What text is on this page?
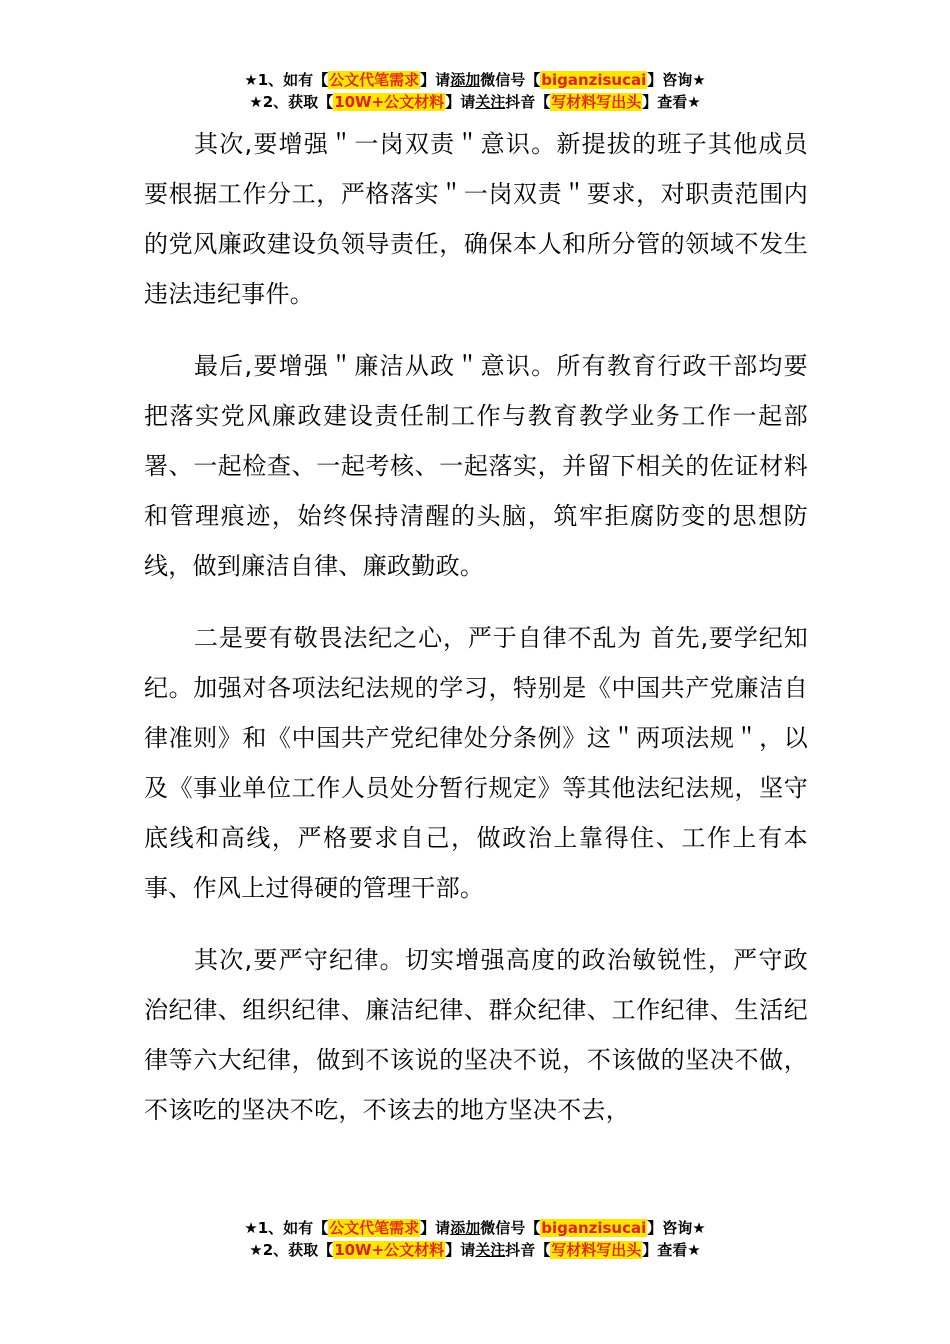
★1、如有【公文代笔需求】请添加微信号【biganzisucai】咨询★
★2、获取【10W+公文材料】请关注抖音【写材料写出头】查看★

其次,要增强＂一岗双责＂意识。新提拔的班子其他成员要根据工作分工，严格落实＂一岗双责＂要求，对职责范围内的党风廉政建设负领导责任，确保本人和所分管的领域不发生违法违纪事件。

最后,要增强＂廉洁从政＂意识。所有教育行政干部均要把落实党风廉政建设责任制工作与教育教学业务工作一起部署、一起检查、一起考核、一起落实，并留下相关的佐证材料和管理痕迹，始终保持清醒的头脑，筑牢拒腐防变的思想防线，做到廉洁自律、廉政勤政。

二是要有敬畏法纪之心，严于自律不乱为 首先,要学纪知纪。加强对各项法纪法规的学习，特别是《中国共产党廉洁自律准则》和《中国共产党纪律处分条例》这＂两项法规＂，以及《事业单位工作人员处分暂行规定》等其他法纪法规，坚守底线和高线，严格要求自己，做政治上靠得住、工作上有本事、作风上过得硬的管理干部。

其次,要严守纪律。切实增强高度的政治敏锐性，严守政治纪律、组织纪律、廉洁纪律、群众纪律、工作纪律、生活纪律等六大纪律，做到不该说的坚决不说，不该做的坚决不做，不该吃的坚决不吃，不该去的地方坚决不去，

★1、如有【公文代笔需求】请添加微信号【biganzisucai】咨询★
★2、获取【10W+公文材料】请关注抖音【写材料写出头】查看★
